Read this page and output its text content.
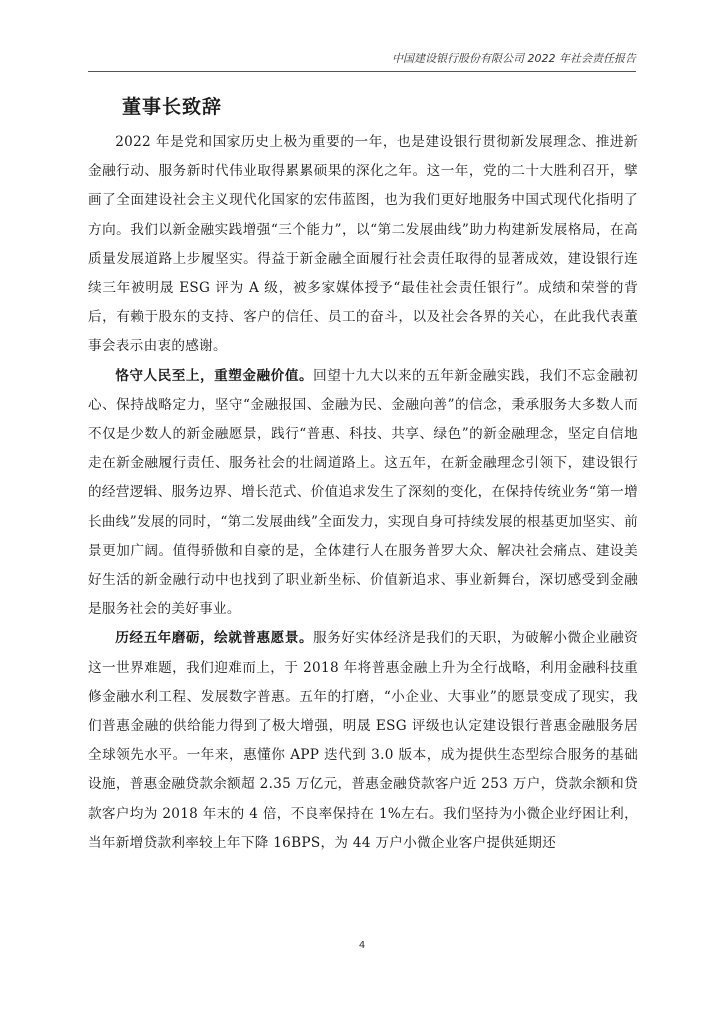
中国建设银行股份有限公司 2022 年社会责任报告
董事长致辞

2022 年是党和国家历史上极为重要的一年，也是建设银行贯彻新发展理念、推进新金融行动、服务新时代伟业取得累累硕果的深化之年。这一年，党的二十大胜利召开，擘画了全面建设社会主义现代化国家的宏伟蓝图，也为我们更好地服务中国式现代化指明了方向。我们以新金融实践增强“三个能力”，以“第二发展曲线”助力构建新发展格局，在高质量发展道路上步履坚实。得益于新金融全面履行社会责任取得的显著成效，建设银行连续三年被明晟 ESG 评为 A 级，被多家媒体授予“最佳社会责任银行”。成绩和荣誉的背后，有赖于股东的支持、客户的信任、员工的奋斗，以及社会各界的关心，在此我代表董事会表示由衷的感谢。

恪守人民至上，重塑金融价值。回望十九大以来的五年新金融实践，我们不忘金融初心、保持战略定力，坚守“金融报国、金融为民、金融向善”的信念，秉承服务大多数人而不仅是少数人的新金融愿景，践行“普惠、科技、共享、绿色”的新金融理念，坚定自信地走在新金融履行责任、服务社会的壮阔道路上。这五年，在新金融理念引领下，建设银行的经营逻辑、服务边界、增长范式、价值追求发生了深刻的变化，在保持传统业务“第一增长曲线”发展的同时，“第二发展曲线”全面发力，实现自身可持续发展的根基更加坚实、前景更加广阔。值得骄傲和自豪的是，全体建行人在服务普罗大众、解决社会痛点、建设美好生活的新金融行动中也找到了职业新坐标、价值新追求、事业新舞台，深切感受到金融是服务社会的美好事业。

历经五年磨砺，绘就普惠愿景。服务好实体经济是我们的天职，为破解小微企业融资这一世界难题，我们迎难而上，于 2018 年将普惠金融上升为全行战略，利用金融科技重修金融水利工程、发展数字普惠。五年的打磨，“小企业、大事业”的愿景变成了现实，我们普惠金融的供给能力得到了极大增强，明晟 ESG 评级也认定建设银行普惠金融服务居全球领先水平。一年来，惠懂你 APP 迭代到 3.0 版本，成为提供生态型综合服务的基础设施，普惠金融贷款余额超 2.35 万亿元，普惠金融贷款客户近 253 万户，贷款余额和贷款客户均为 2018 年末的 4 倍，不良率保持在 1%左右。我们坚持为小微企业纾困让利，当年新增贷款利率较上年下降 16BPS，为 44 万户小微企业客户提供延期还

4
